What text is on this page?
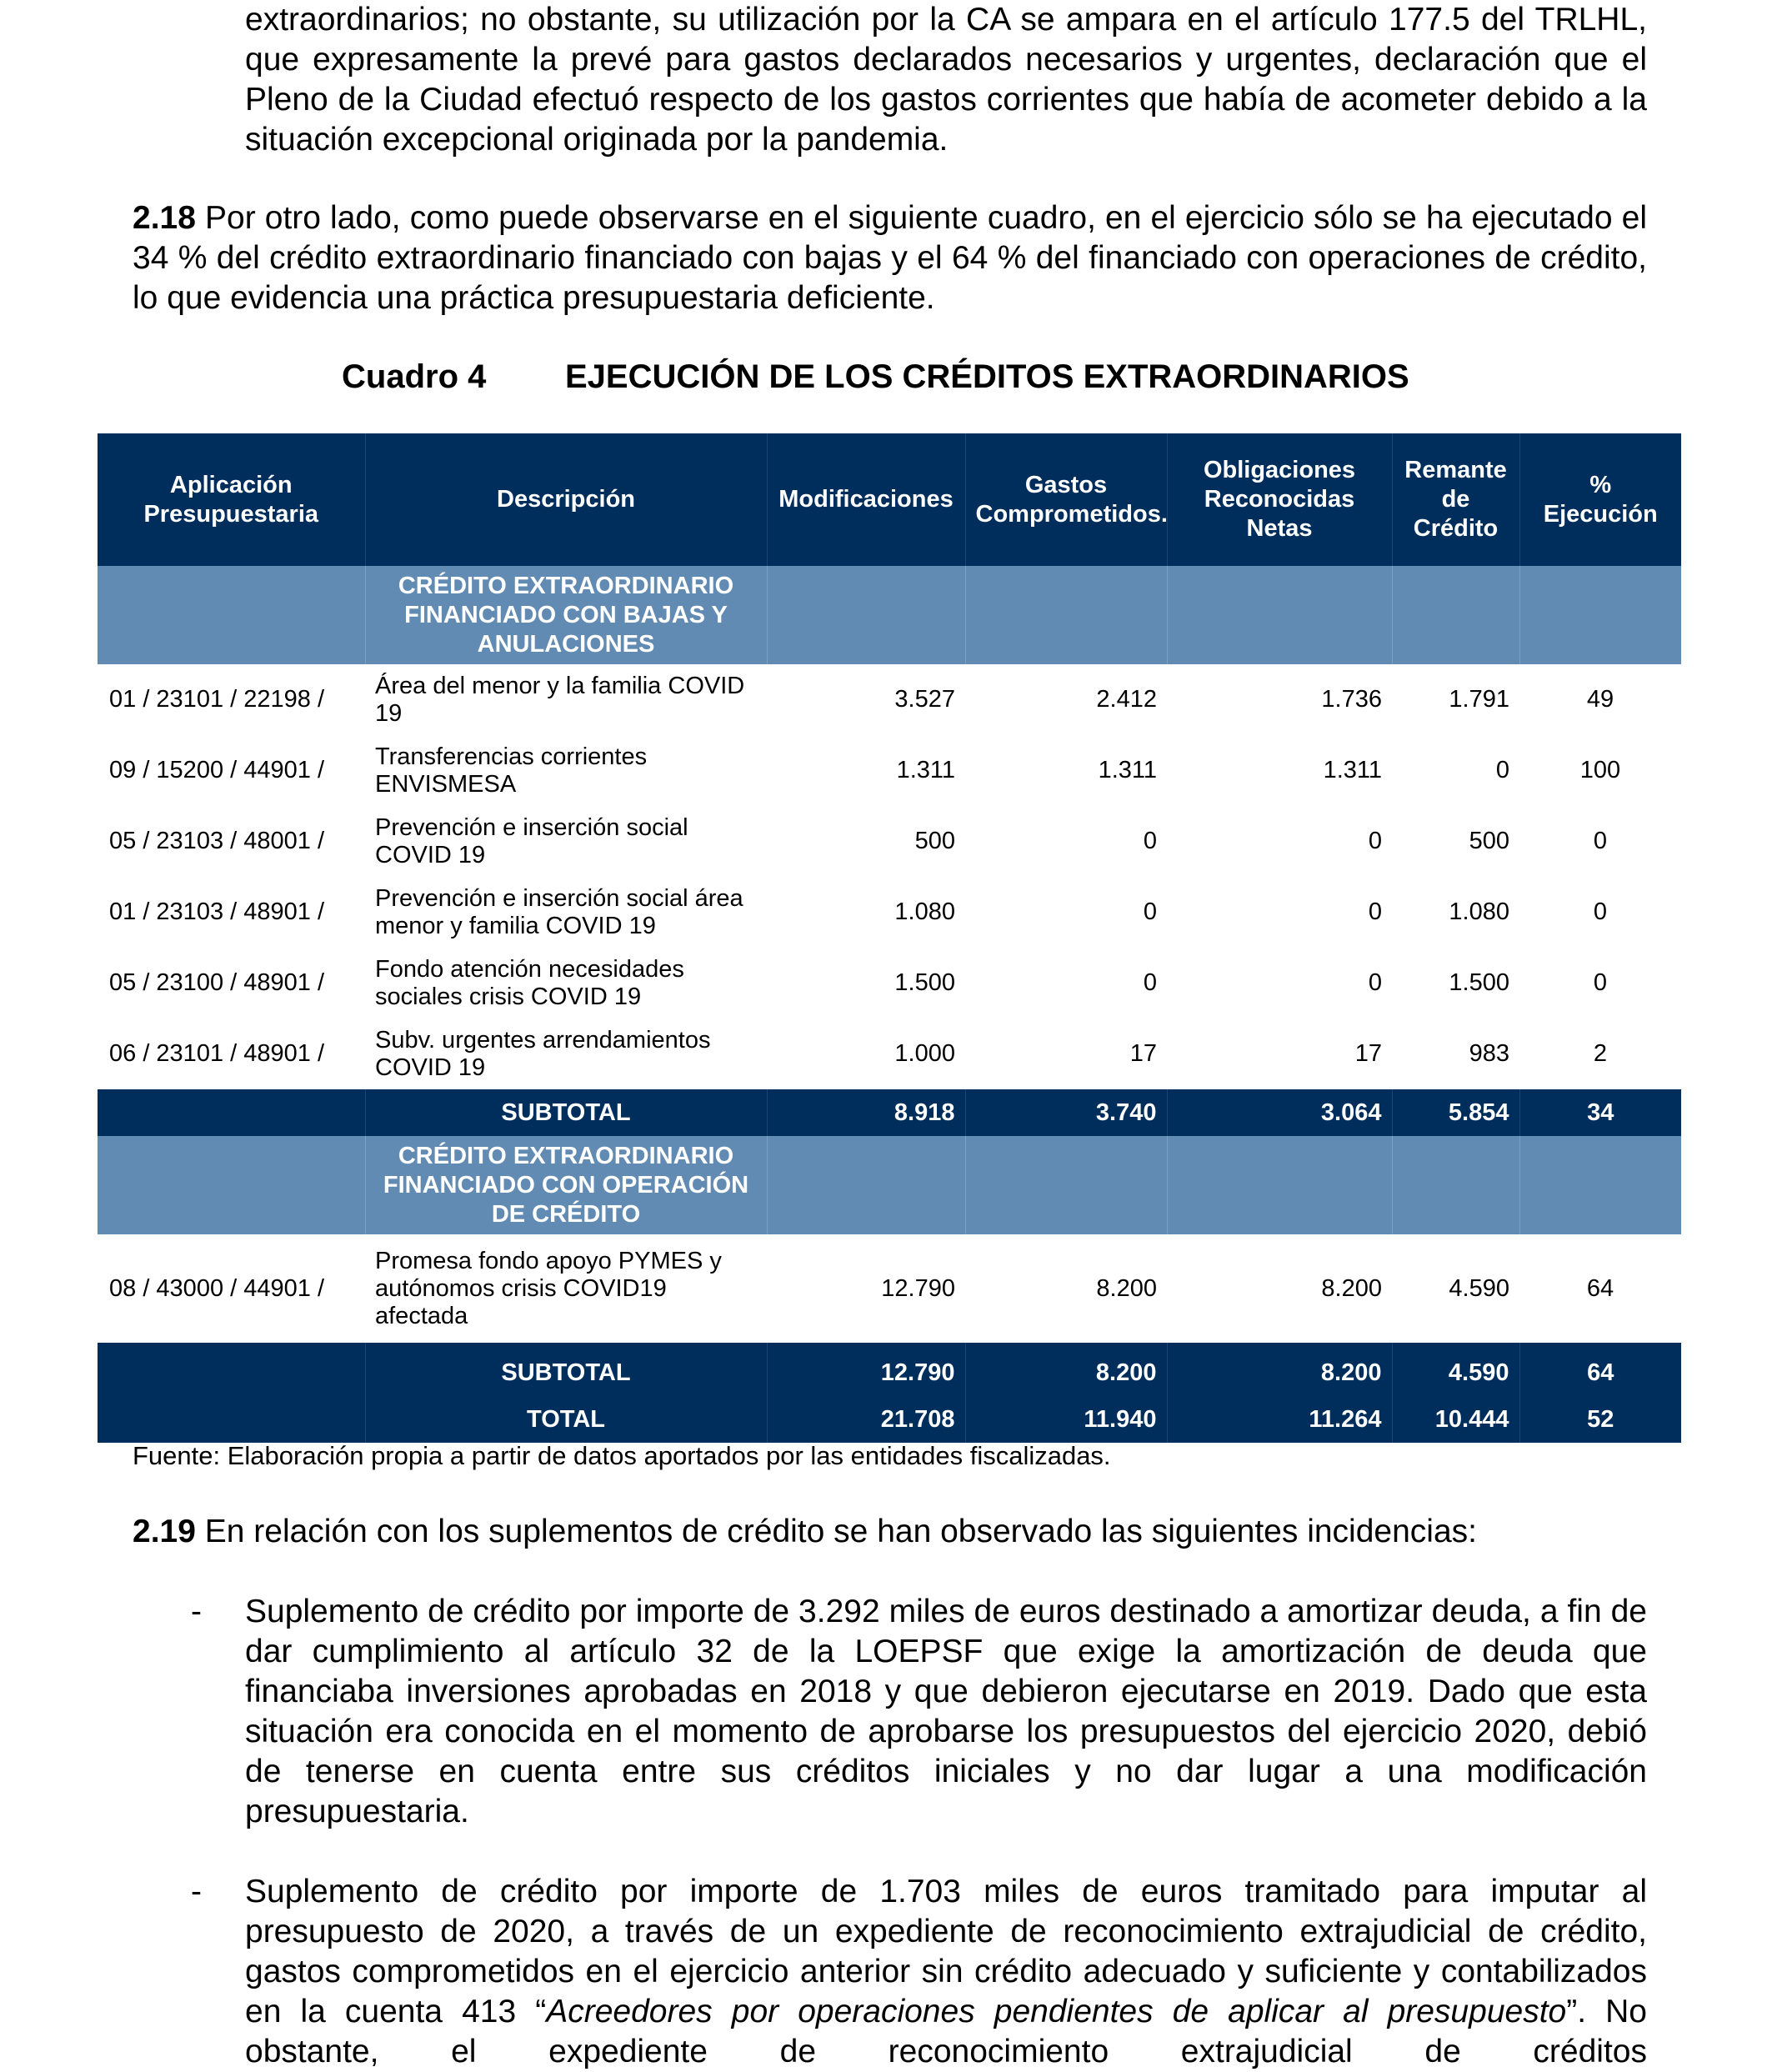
extraordinarios; no obstante, su utilización por la CA se ampara en el artículo 177.5 del TRLHL, que expresamente la prevé para gastos declarados necesarios y urgentes, declaración que el Pleno de la Ciudad efectuó respecto de los gastos corrientes que había de acometer debido a la situación excepcional originada por la pandemia.
2.18 Por otro lado, como puede observarse en el siguiente cuadro, en el ejercicio sólo se ha ejecutado el 34 % del crédito extraordinario financiado con bajas y el 64 % del financiado con operaciones de crédito, lo que evidencia una práctica presupuestaria deficiente.
Cuadro 4 EJECUCIÓN DE LOS CRÉDITOS EXTRAORDINARIOS
Aplicación Presupuestaria	Descripción	Modificaciones	Gastos Comprometidos.	Obligaciones Reconocidas Netas	Remante de Crédito	% Ejecución
	CRÉDITO EXTRAORDINARIO FINANCIADO CON BAJAS Y ANULACIONES					
01 / 23101 / 22198 /	Área del menor y la familia COVID 19	3.527	2.412	1.736	1.791	49
09 / 15200 / 44901 /	Transferencias corrientes ENVISMESA	1.311	1.311	1.311	0	100
05 / 23103 / 48001 /	Prevención e inserción social COVID 19	500	0	0	500	0
01 / 23103 / 48901 /	Prevención e inserción social área menor y familia COVID 19	1.080	0	0	1.080	0
05 / 23100 / 48901 /	Fondo atención necesidades sociales crisis COVID 19	1.500	0	0	1.500	0
06 / 23101 / 48901 /	Subv. urgentes arrendamientos COVID 19	1.000	17	17	983	2
	SUBTOTAL	8.918	3.740	3.064	5.854	34
	CRÉDITO EXTRAORDINARIO FINANCIADO CON OPERACIÓN DE CRÉDITO					
08 / 43000 / 44901 /	Promesa fondo apoyo PYMES y autónomos crisis COVID19 afectada	12.790	8.200	8.200	4.590	64
	SUBTOTAL	12.790	8.200	8.200	4.590	64
	TOTAL	21.708	11.940	11.264	10.444	52
Fuente: Elaboración propia a partir de datos aportados por las entidades fiscalizadas.
2.19 En relación con los suplementos de crédito se han observado las siguientes incidencias:
- Suplemento de crédito por importe de 3.292 miles de euros destinado a amortizar deuda, a fin de dar cumplimiento al artículo 32 de la LOEPSF que exige la amortización de deuda que financiaba inversiones aprobadas en 2018 y que debieron ejecutarse en 2019. Dado que esta situación era conocida en el momento de aprobarse los presupuestos del ejercicio 2020, debió de tenerse en cuenta entre sus créditos iniciales y no dar lugar a una modificación presupuestaria.
- Suplemento de crédito por importe de 1.703 miles de euros tramitado para imputar al presupuesto de 2020, a través de un expediente de reconocimiento extrajudicial de crédito, gastos comprometidos en el ejercicio anterior sin crédito adecuado y suficiente y contabilizados en la cuenta 413 “Acreedores por operaciones pendientes de aplicar al presupuesto”. No obstante, el expediente de reconocimiento extrajudicial de créditos
